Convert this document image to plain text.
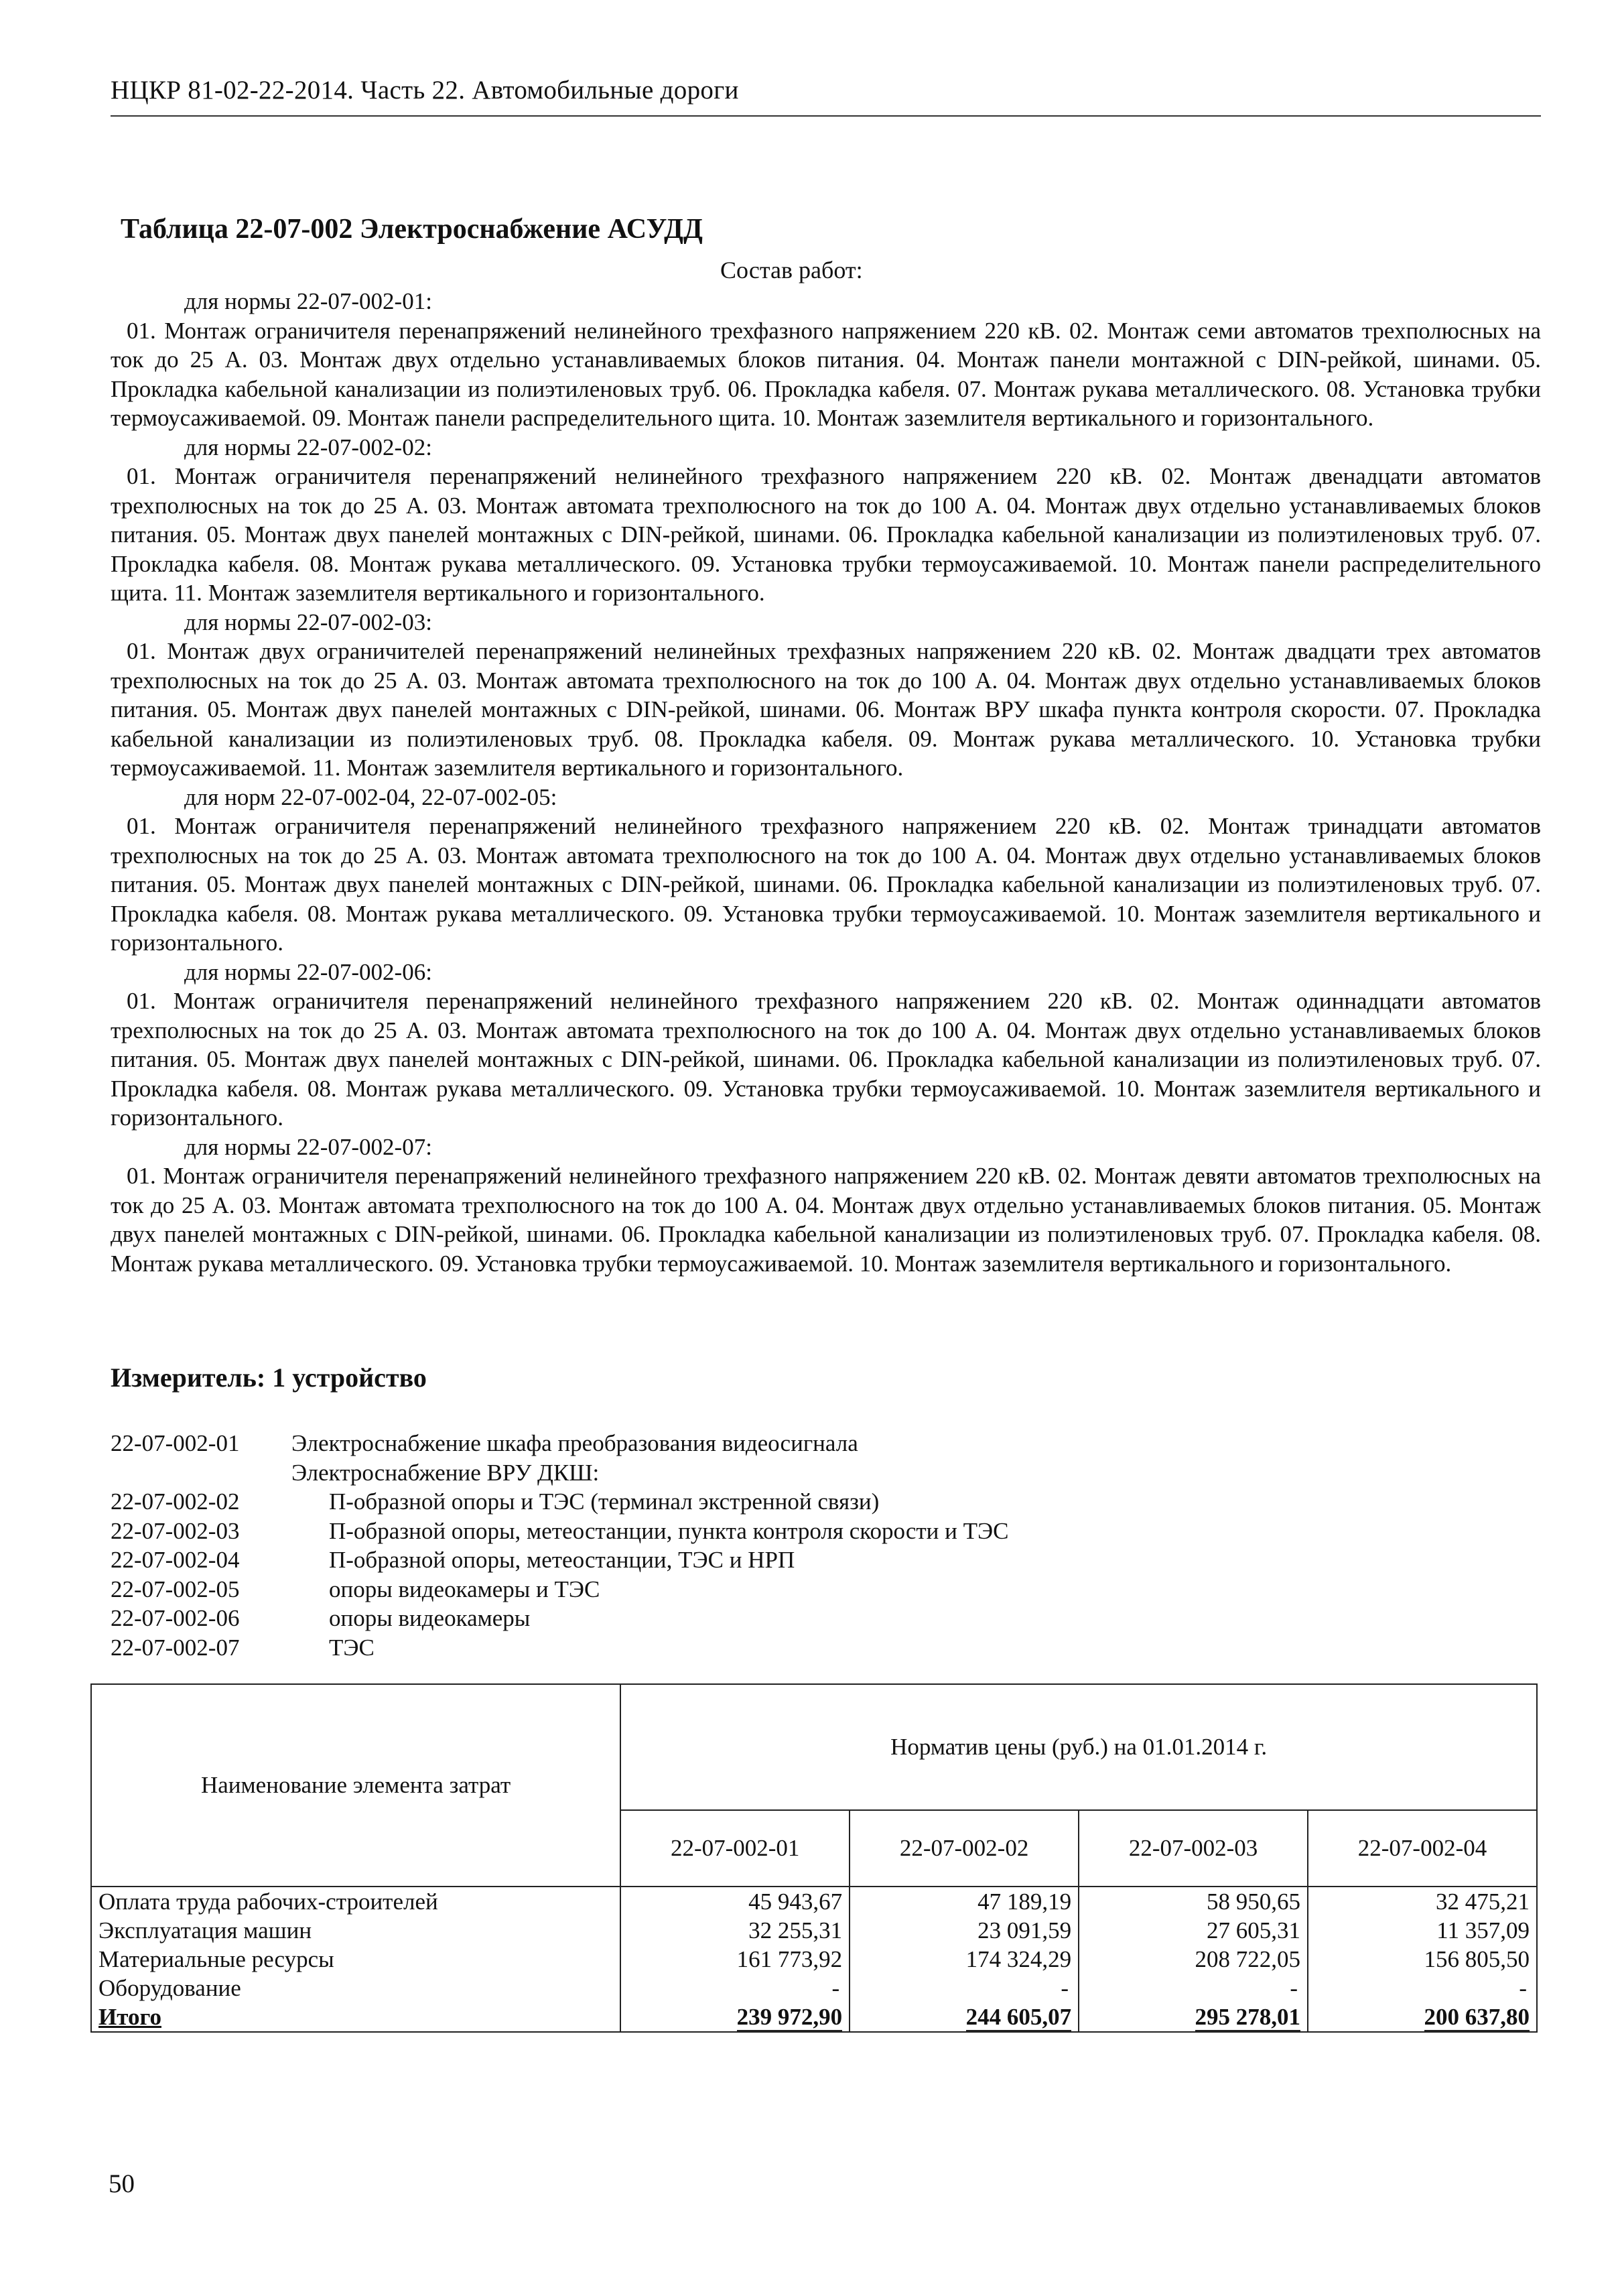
НЦКР 81-02-22-2014. Часть 22. Автомобильные дороги
Таблица 22-07-002 Электроснабжение АСУДД
Состав работ:

для нормы 22-07-002-01:

01. Монтаж ограничителя перенапряжений нелинейного трехфазного напряжением 220 кВ. 02. Монтаж семи автоматов трехполюсных на ток до 25 А. 03. Монтаж двух отдельно устанавливаемых блоков питания. 04. Монтаж панели монтажной с DIN-рейкой, шинами. 05. Прокладка кабельной канализации из полиэтиленовых труб. 06. Прокладка кабеля. 07. Монтаж рукава металлического. 08. Установка трубки термоусаживаемой. 09. Монтаж панели распределительного щита. 10. Монтаж заземлителя вертикального и горизонтального.

для нормы 22-07-002-02:

01. Монтаж ограничителя перенапряжений нелинейного трехфазного напряжением 220 кВ. 02. Монтаж двенадцати автоматов трехполюсных на ток до 25 А. 03. Монтаж автомата трехполюсного на ток до 100 А. 04. Монтаж двух отдельно устанавливаемых блоков питания. 05. Монтаж двух панелей монтажных с DIN-рейкой, шинами. 06. Прокладка кабельной канализации из полиэтиленовых труб. 07. Прокладка кабеля. 08. Монтаж рукава металлического. 09. Установка трубки термоусаживаемой. 10. Монтаж панели распределительного щита. 11. Монтаж заземлителя вертикального и горизонтального.

для нормы 22-07-002-03:

01. Монтаж двух ограничителей перенапряжений нелинейных трехфазных напряжением 220 кВ. 02. Монтаж двадцати трех автоматов трехполюсных на ток до 25 А. 03. Монтаж автомата трехполюсного на ток до 100 А. 04. Монтаж двух отдельно устанавливаемых блоков питания. 05. Монтаж двух панелей монтажных с DIN-рейкой, шинами. 06. Монтаж ВРУ шкафа пункта контроля скорости. 07. Прокладка кабельной канализации из полиэтиленовых труб. 08. Прокладка кабеля. 09. Монтаж рукава металлического. 10. Установка трубки термоусаживаемой. 11. Монтаж заземлителя вертикального и горизонтального.

для норм 22-07-002-04, 22-07-002-05:

01. Монтаж ограничителя перенапряжений нелинейного трехфазного напряжением 220 кВ. 02. Монтаж тринадцати автоматов трехполюсных на ток до 25 А. 03. Монтаж автомата трехполюсного на ток до 100 А. 04. Монтаж двух отдельно устанавливаемых блоков питания. 05. Монтаж двух панелей монтажных с DIN-рейкой, шинами. 06. Прокладка кабельной канализации из полиэтиленовых труб. 07. Прокладка кабеля. 08. Монтаж рукава металлического. 09. Установка трубки термоусаживаемой. 10. Монтаж заземлителя вертикального и горизонтального.

для нормы 22-07-002-06:

01. Монтаж ограничителя перенапряжений нелинейного трехфазного напряжением 220 кВ. 02. Монтаж одиннадцати автоматов трехполюсных на ток до 25 А. 03. Монтаж автомата трехполюсного на ток до 100 А. 04. Монтаж двух отдельно устанавливаемых блоков питания. 05. Монтаж двух панелей монтажных с DIN-рейкой, шинами. 06. Прокладка кабельной канализации из полиэтиленовых труб. 07. Прокладка кабеля. 08. Монтаж рукава металлического. 09. Установка трубки термоусаживаемой. 10. Монтаж заземлителя вертикального и горизонтального.

для нормы 22-07-002-07:

01. Монтаж ограничителя перенапряжений нелинейного трехфазного напряжением 220 кВ. 02. Монтаж девяти автоматов трехполюсных на ток до 25 А. 03. Монтаж автомата трехполюсного на ток до 100 А. 04. Монтаж двух отдельно устанавливаемых блоков питания. 05. Монтаж двух панелей монтажных с DIN-рейкой, шинами. 06. Прокладка кабельной канализации из полиэтиленовых труб. 07. Прокладка кабеля. 08. Монтаж рукава металлического. 09. Установка трубки термоусаживаемой. 10. Монтаж заземлителя вертикального и горизонтального.

Измеритель: 1 устройство
22-07-002-01	Электроснабжение шкафа преобразования видеосигнала
Электроснабжение ВРУ ДКШ:
22-07-002-02	П-образной опоры и ТЭС (терминал экстренной связи)
22-07-002-03	П-образной опоры, метеостанции, пункта контроля скорости и ТЭС
22-07-002-04	П-образной опоры, метеостанции, ТЭС и НРП
22-07-002-05	опоры видеокамеры и ТЭС
22-07-002-06	опоры видеокамеры
22-07-002-07	ТЭС
Наименование элемента затрат	Норматив цены (руб.) на 01.01.2014 г.			
	22-07-002-01	22-07-002-02	22-07-002-03	22-07-002-04
Оплата труда рабочих-строителей	45 943,67	47 189,19	58 950,65	32 475,21
Эксплуатация машин	32 255,31	23 091,59	27 605,31	11 357,09
Материальные ресурсы	161 773,92	174 324,29	208 722,05	156 805,50
Оборудование	-	-	-	-
Итого	239 972,90	244 605,07	295 278,01	200 637,80
50
